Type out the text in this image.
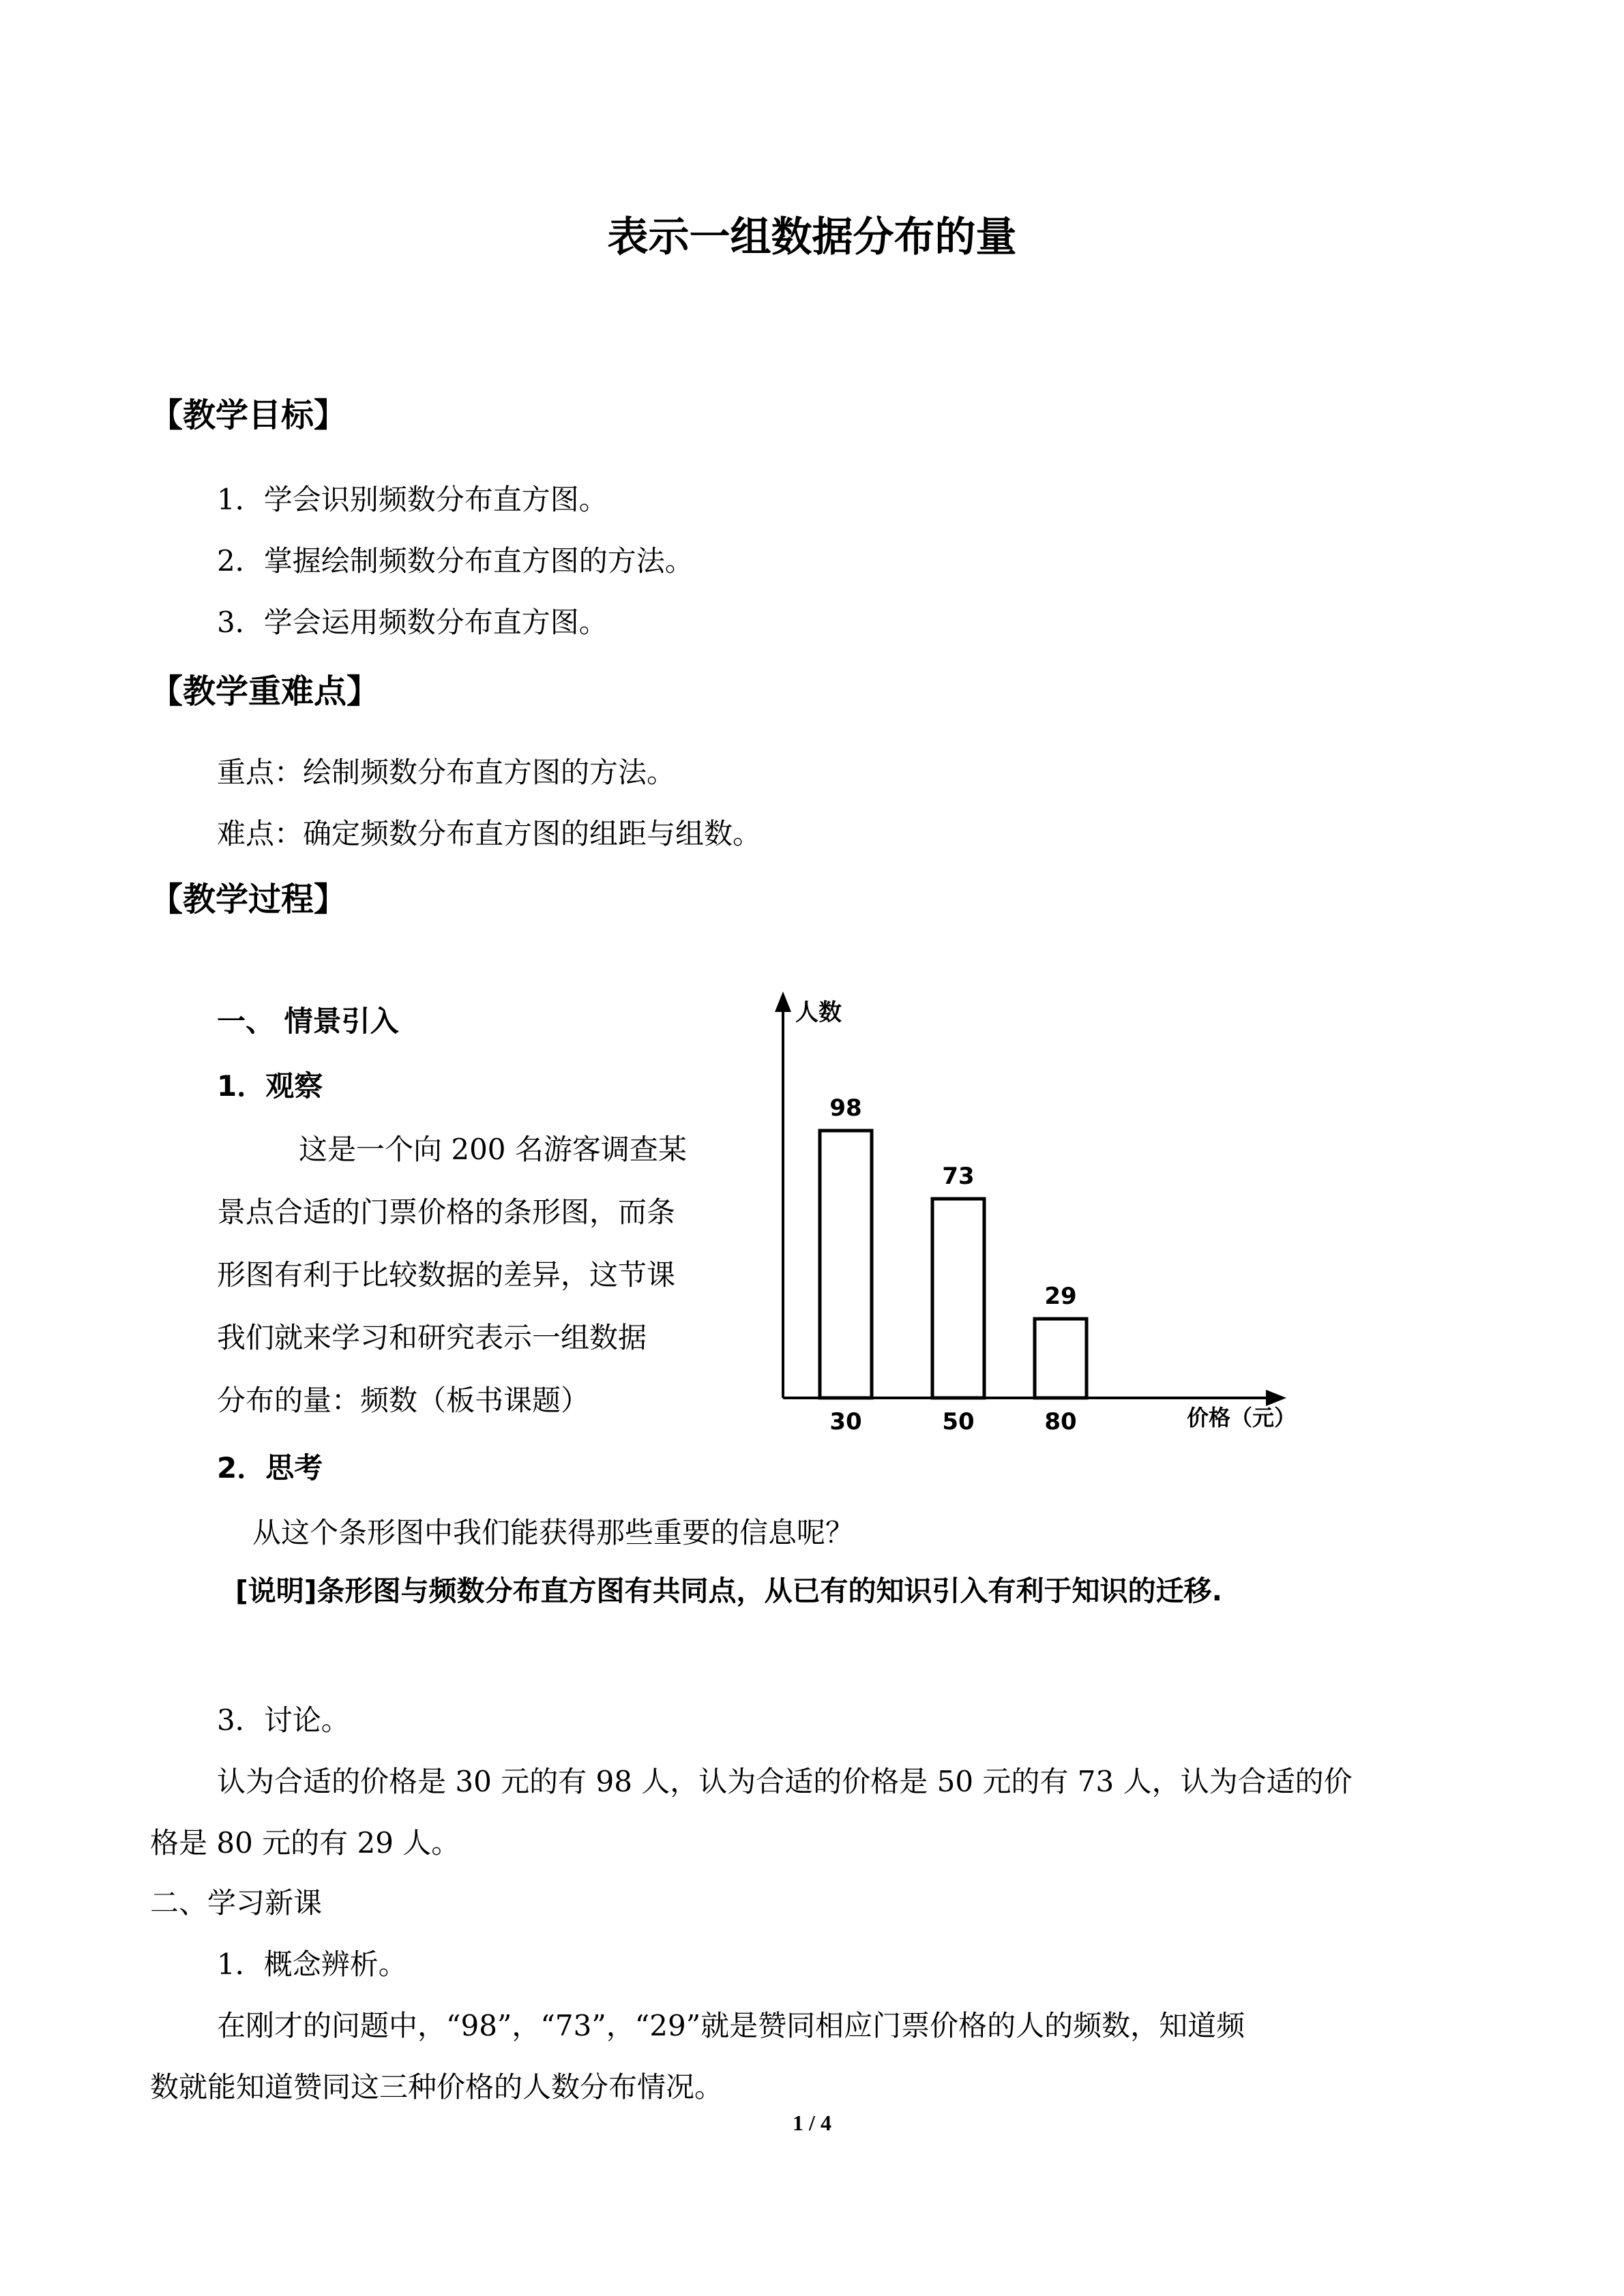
表示一组数据分布的量
【教学目标】
1．学会识别频数分布直方图。
2．掌握绘制频数分布直方图的方法。
3．学会运用频数分布直方图。
【教学重难点】
重点：绘制频数分布直方图的方法。
难点：确定频数分布直方图的组距与组数。
【教学过程】
一、 情景引入
1．观察
这是一个向 200 名游客调查某
景点合适的门票价格的条形图，而条
形图有利于比较数据的差异，这节课
我们就来学习和研究表示一组数据
分布的量：频数（板书课题）
人数
价格（元）
98
30
73
50
29
80
2．思考
从这个条形图中我们能获得那些重要的信息呢？
[说明]条形图与频数分布直方图有共同点，从已有的知识引入有利于知识的迁移.
3．讨论。
认为合适的价格是 30 元的有 98 人，认为合适的价格是 50 元的有 73 人，认为合适的价
格是 80 元的有 29 人。
二、学习新课
1．概念辨析。
在刚才的问题中，“98”，“73”，“29”就是赞同相应门票价格的人的频数，知道频
数就能知道赞同这三种价格的人数分布情况。
1 / 4
